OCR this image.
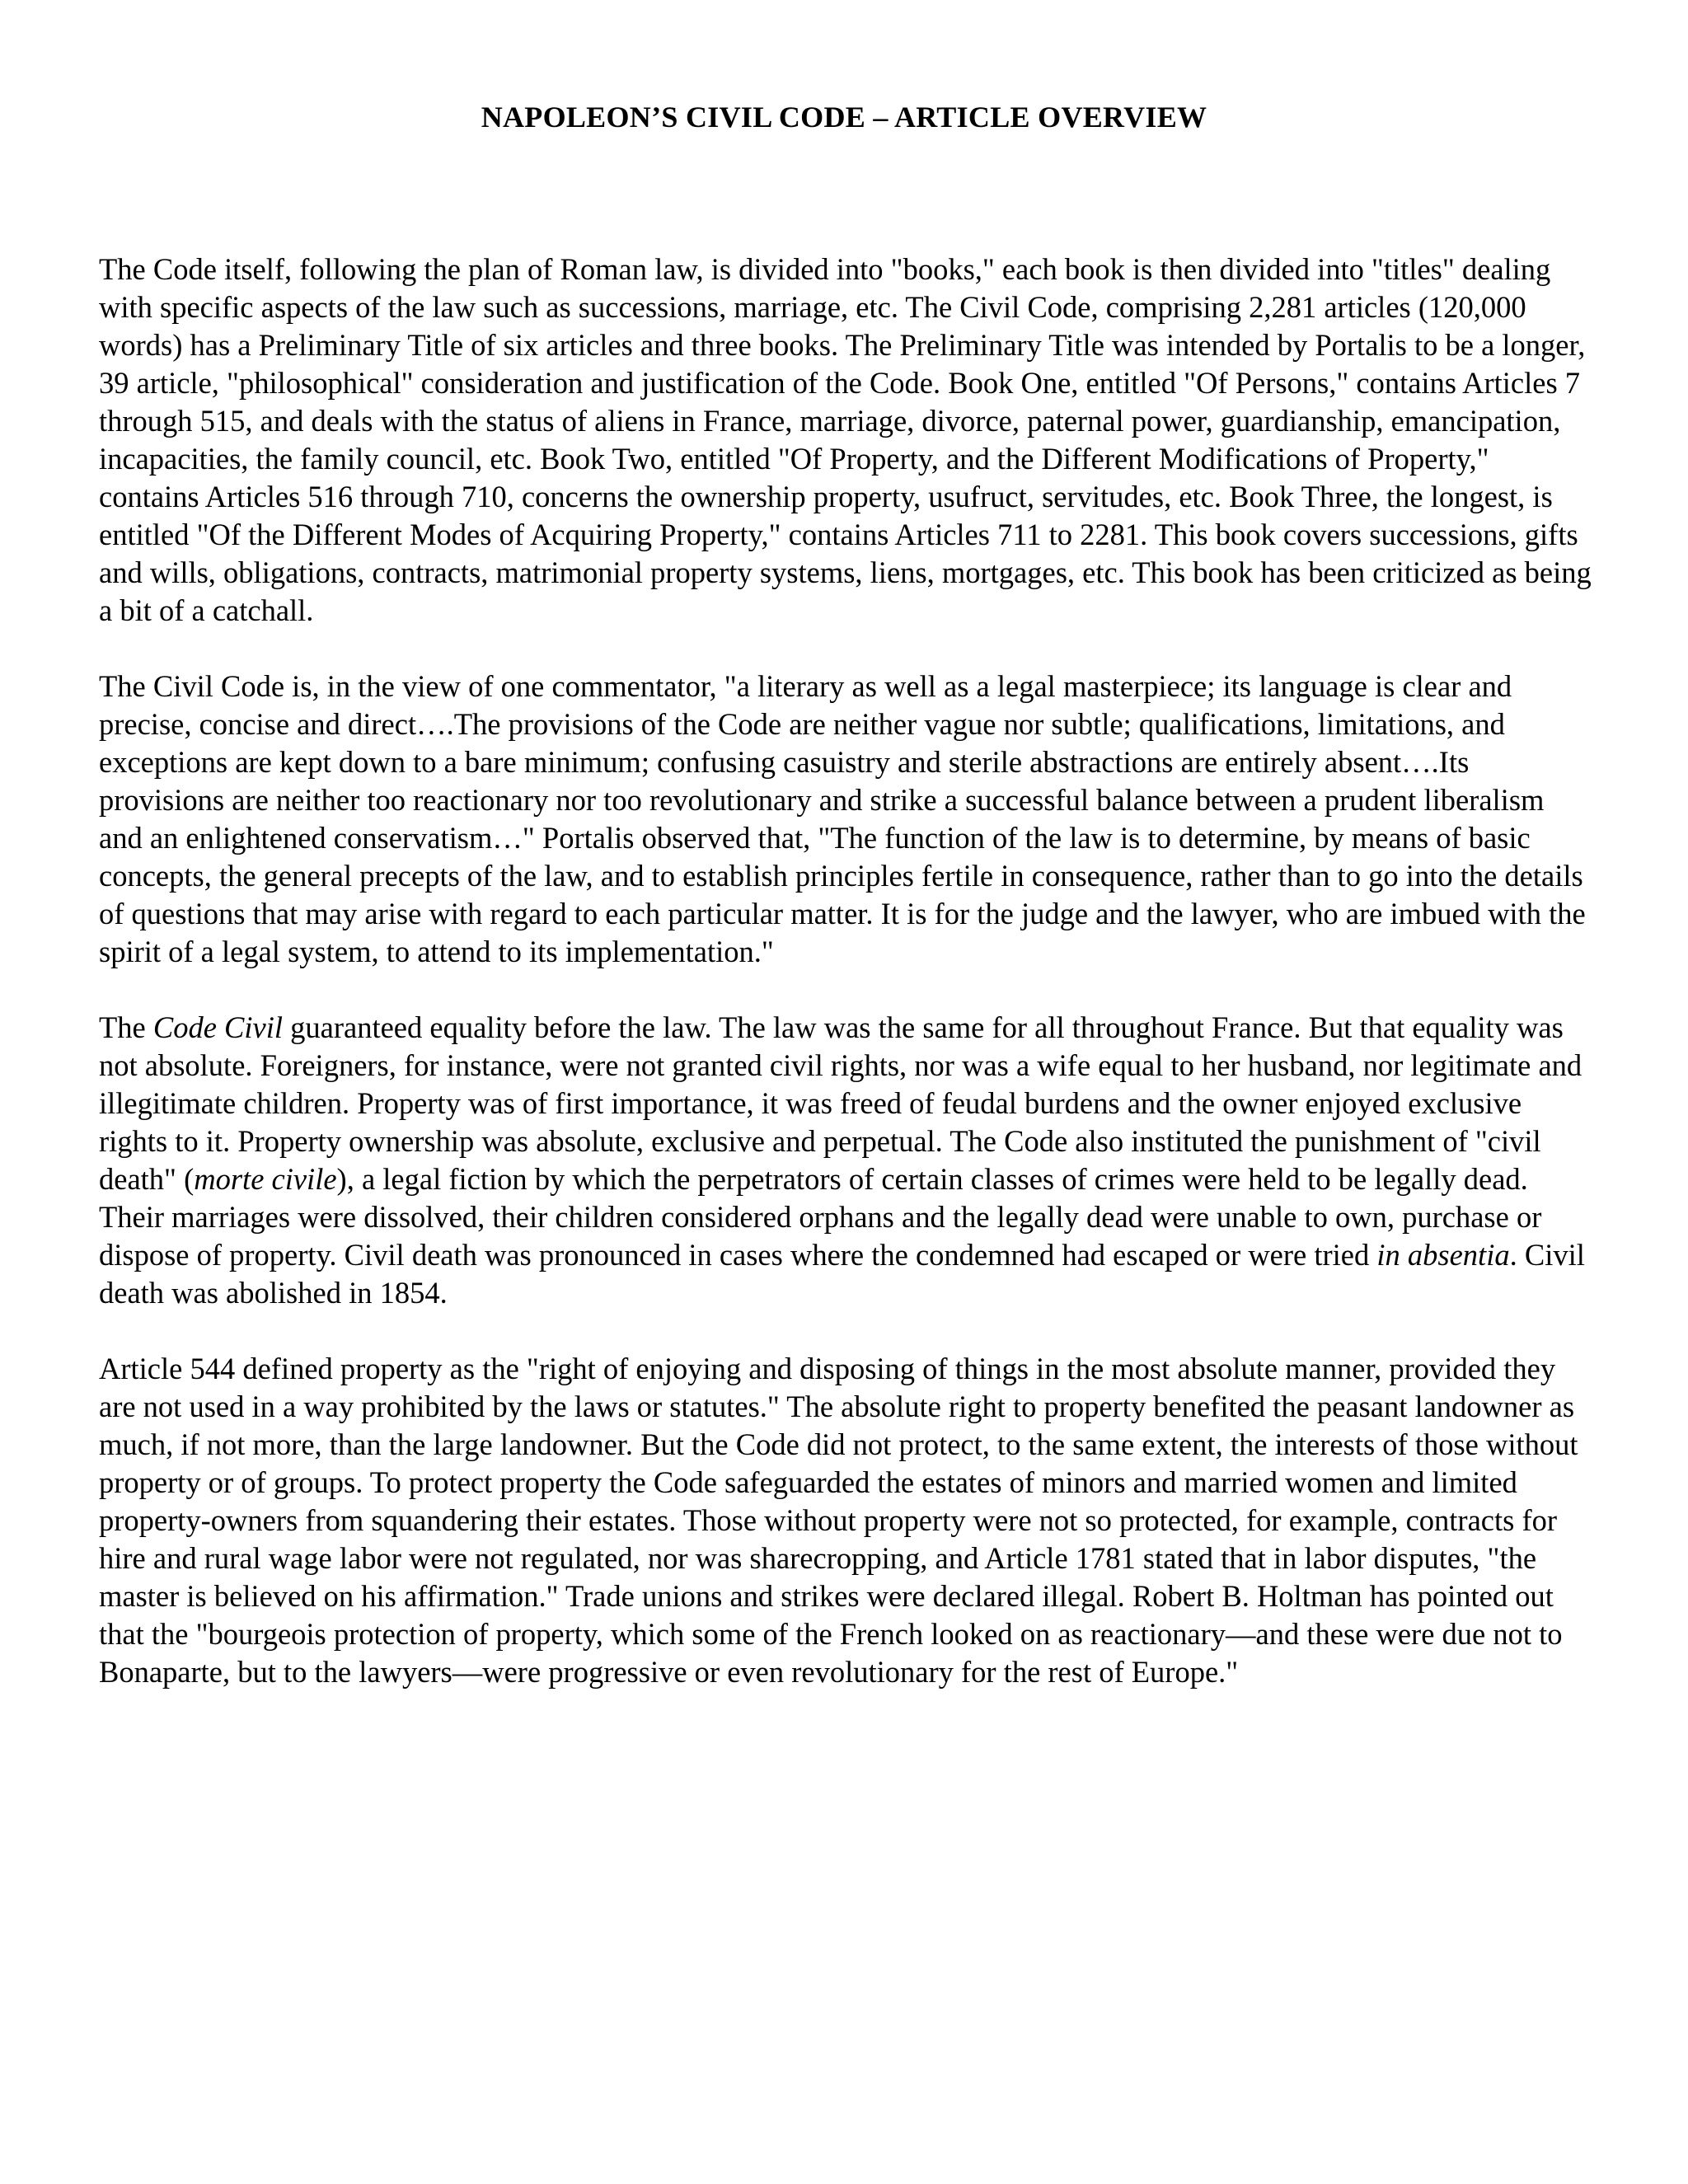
NAPOLEON’S CIVIL CODE – ARTICLE OVERVIEW

The Code itself, following the plan of Roman law, is divided into "books," each book is then divided into "titles" dealing with specific aspects of the law such as successions, marriage, etc. The Civil Code, comprising 2,281 articles (120,000 words) has a Preliminary Title of six articles and three books. The Preliminary Title was intended by Portalis to be a longer, 39 article, "philosophical" consideration and justification of the Code. Book One, entitled "Of Persons," contains Articles 7 through 515, and deals with the status of aliens in France, marriage, divorce, paternal power, guardianship, emancipation, incapacities, the family council, etc. Book Two, entitled "Of Property, and the Different Modifications of Property," contains Articles 516 through 710, concerns the ownership property, usufruct, servitudes, etc. Book Three, the longest, is entitled "Of the Different Modes of Acquiring Property," contains Articles 711 to 2281. This book covers successions, gifts and wills, obligations, contracts, matrimonial property systems, liens, mortgages, etc. This book has been criticized as being a bit of a catchall.

The Civil Code is, in the view of one commentator, "a literary as well as a legal masterpiece; its language is clear and precise, concise and direct….The provisions of the Code are neither vague nor subtle; qualifications, limitations, and exceptions are kept down to a bare minimum; confusing casuistry and sterile abstractions are entirely absent….Its provisions are neither too reactionary nor too revolutionary and strike a successful balance between a prudent liberalism and an enlightened conservatism…" Portalis observed that, "The function of the law is to determine, by means of basic concepts, the general precepts of the law, and to establish principles fertile in consequence, rather than to go into the details of questions that may arise with regard to each particular matter. It is for the judge and the lawyer, who are imbued with the spirit of a legal system, to attend to its implementation."

The Code Civil guaranteed equality before the law. The law was the same for all throughout France. But that equality was not absolute. Foreigners, for instance, were not granted civil rights, nor was a wife equal to her husband, nor legitimate and illegitimate children. Property was of first importance, it was freed of feudal burdens and the owner enjoyed exclusive rights to it. Property ownership was absolute, exclusive and perpetual. The Code also instituted the punishment of "civil death" (morte civile), a legal fiction by which the perpetrators of certain classes of crimes were held to be legally dead. Their marriages were dissolved, their children considered orphans and the legally dead were unable to own, purchase or dispose of property. Civil death was pronounced in cases where the condemned had escaped or were tried in absentia. Civil death was abolished in 1854.

Article 544 defined property as the "right of enjoying and disposing of things in the most absolute manner, provided they are not used in a way prohibited by the laws or statutes." The absolute right to property benefited the peasant landowner as much, if not more, than the large landowner. But the Code did not protect, to the same extent, the interests of those without property or of groups. To protect property the Code safeguarded the estates of minors and married women and limited property-owners from squandering their estates. Those without property were not so protected, for example, contracts for hire and rural wage labor were not regulated, nor was sharecropping, and Article 1781 stated that in labor disputes, "the master is believed on his affirmation." Trade unions and strikes were declared illegal. Robert B. Holtman has pointed out that the "bourgeois protection of property, which some of the French looked on as reactionary—and these were due not to Bonaparte, but to the lawyers—were progressive or even revolutionary for the rest of Europe."
